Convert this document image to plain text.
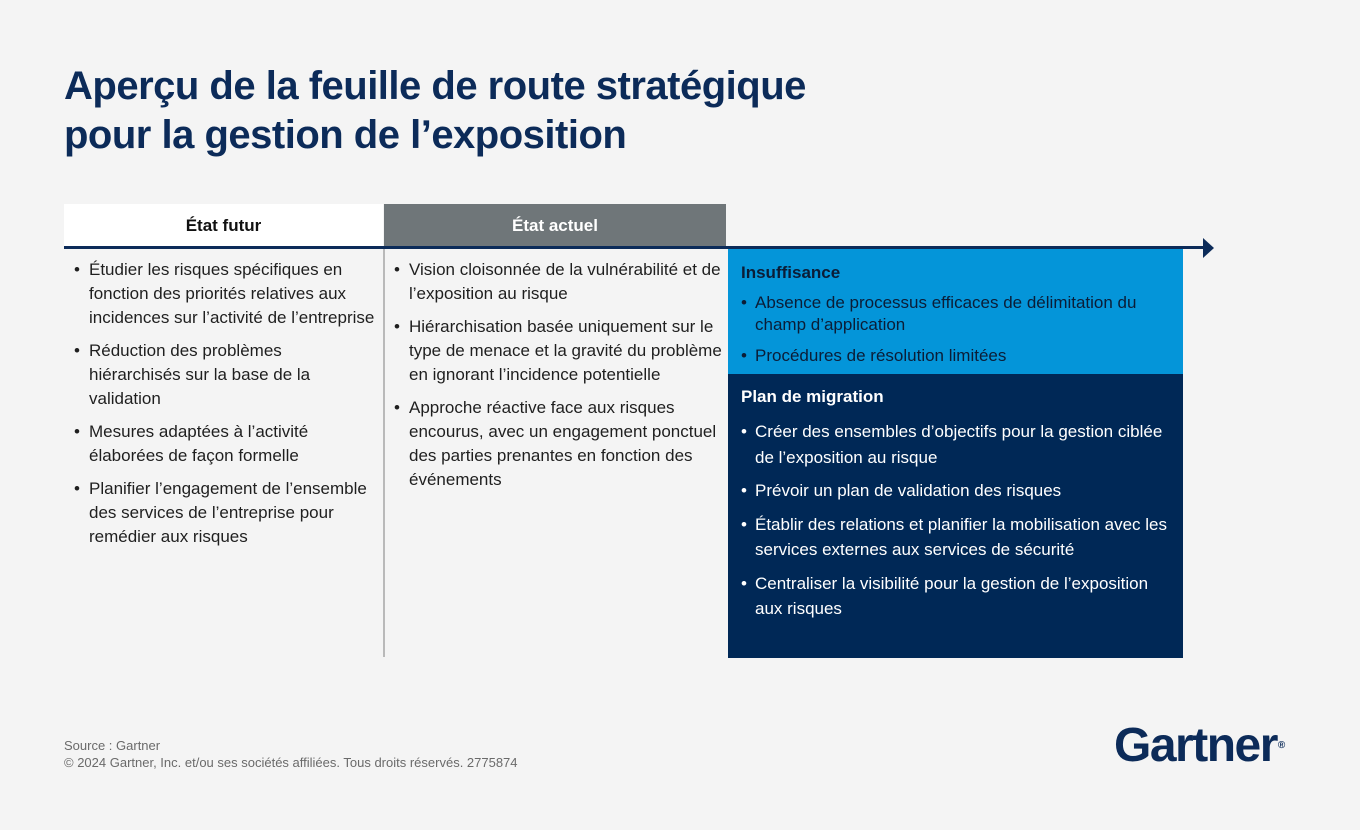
Aperçu de la feuille de route stratégique
pour la gestion de l’exposition
État futur	État actuel
• Étudier les risques spécifiques en fonction des priorités relatives aux incidences sur l’activité de l’entreprise
• Réduction des problèmes hiérarchisés sur la base de la validation
• Mesures adaptées à l’activité élaborées de façon formelle
• Planifier l’engagement de l’ensemble des services de l’entreprise pour remédier aux risques
• Vision cloisonnée de la vulnérabilité et de l’exposition au risque
• Hiérarchisation basée uniquement sur le type de menace et la gravité du problème en ignorant l’incidence potentielle
• Approche réactive face aux risques encourus, avec un engagement ponctuel des parties prenantes en fonction des événements
Insuffisance
• Absence de processus efficaces de délimitation du champ d’application
• Procédures de résolution limitées
Plan de migration
• Créer des ensembles d’objectifs pour la gestion ciblée de l’exposition au risque
• Prévoir un plan de validation des risques
• Établir des relations et planifier la mobilisation avec les services externes aux services de sécurité
• Centraliser la visibilité pour la gestion de l’exposition aux risques
Source : Gartner
© 2024 Gartner, Inc. et/ou ses sociétés affiliées. Tous droits réservés. 2775874	Gartner®
